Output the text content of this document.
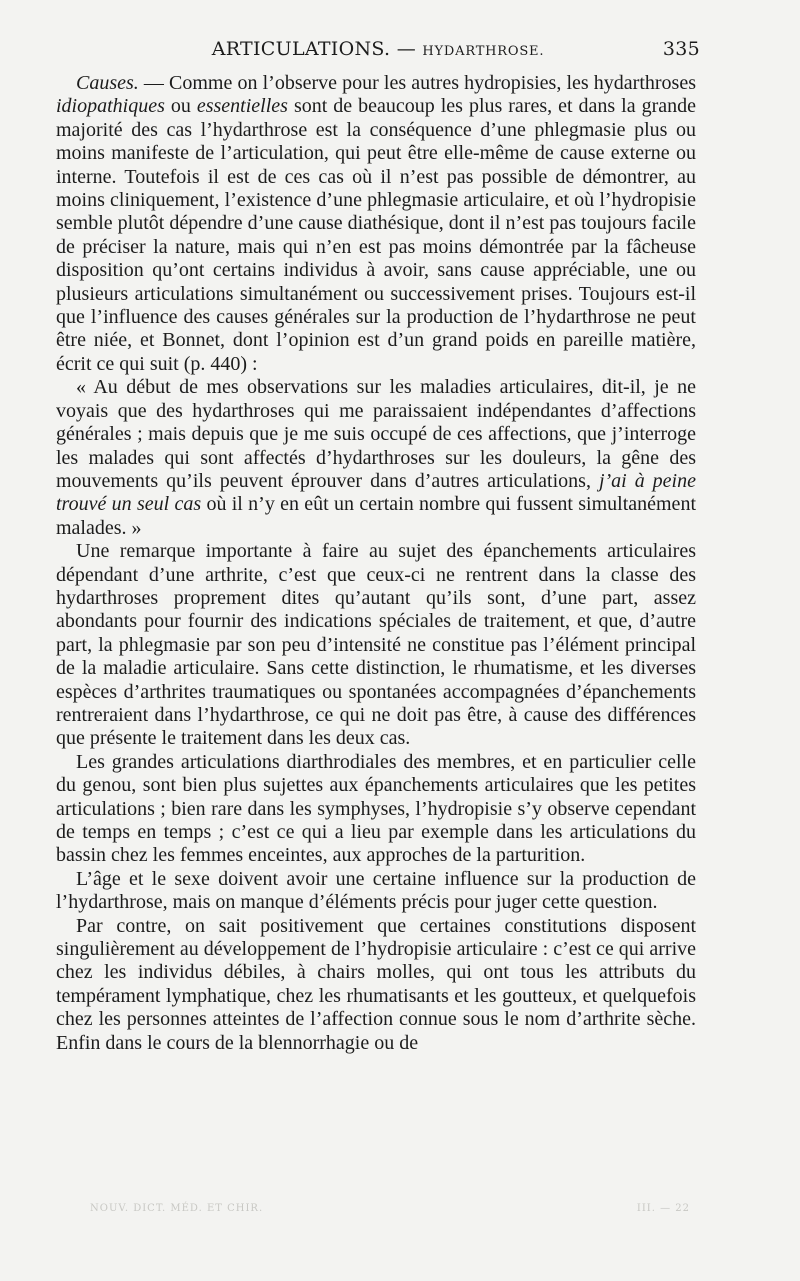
ARTICULATIONS. — HYDARTHROSE.	335

Causes. — Comme on l’observe pour les autres hydropisies, les hydarthroses idiopathiques ou essentielles sont de beaucoup les plus rares, et dans la grande majorité des cas l’hydarthrose est la conséquence d’une phlegmasie plus ou moins manifeste de l’articulation, qui peut être elle-même de cause externe ou interne. Toutefois il est de ces cas où il n’est pas possible de démontrer, au moins cliniquement, l’existence d’une phlegmasie articulaire, et où l’hydropisie semble plutôt dépendre d’une cause diathésique, dont il n’est pas toujours facile de préciser la nature, mais qui n’en est pas moins démontrée par la fâcheuse disposition qu’ont certains individus à avoir, sans cause appréciable, une ou plusieurs articulations simultanément ou successivement prises. Toujours est-il que l’influence des causes générales sur la production de l’hydarthrose ne peut être niée, et Bonnet, dont l’opinion est d’un grand poids en pareille matière, écrit ce qui suit (p. 440) :

« Au début de mes observations sur les maladies articulaires, dit-il, je ne voyais que des hydarthroses qui me paraissaient indépendantes d’affections générales ; mais depuis que je me suis occupé de ces affections, que j’interroge les malades qui sont affectés d’hydarthroses sur les douleurs, la gêne des mouvements qu’ils peuvent éprouver dans d’autres articulations, j’ai à peine trouvé un seul cas où il n’y en eût un certain nombre qui fussent simultanément malades. »

Une remarque importante à faire au sujet des épanchements articulaires dépendant d’une arthrite, c’est que ceux-ci ne rentrent dans la classe des hydarthroses proprement dites qu’autant qu’ils sont, d’une part, assez abondants pour fournir des indications spéciales de traitement, et que, d’autre part, la phlegmasie par son peu d’intensité ne constitue pas l’élément principal de la maladie articulaire. Sans cette distinction, le rhumatisme, et les diverses espèces d’arthrites traumatiques ou spontanées accompagnées d’épanchements rentreraient dans l’hydarthrose, ce qui ne doit pas être, à cause des différences que présente le traitement dans les deux cas.

Les grandes articulations diarthrodiales des membres, et en particulier celle du genou, sont bien plus sujettes aux épanchements articulaires que les petites articulations ; bien rare dans les symphyses, l’hydropisie s’y observe cependant de temps en temps ; c’est ce qui a lieu par exemple dans les articulations du bassin chez les femmes enceintes, aux approches de la parturition.

L’âge et le sexe doivent avoir une certaine influence sur la production de l’hydarthrose, mais on manque d’éléments précis pour juger cette question.

Par contre, on sait positivement que certaines constitutions disposent singulièrement au développement de l’hydropisie articulaire : c’est ce qui arrive chez les individus débiles, à chairs molles, qui ont tous les attributs du tempérament lymphatique, chez les rhumatisants et les goutteux, et quelquefois chez les personnes atteintes de l’affection connue sous le nom d’arthrite sèche. Enfin dans le cours de la blennorrhagie ou de

NOUV. DICT. MÉD. ET CHIR.	III. — 22
